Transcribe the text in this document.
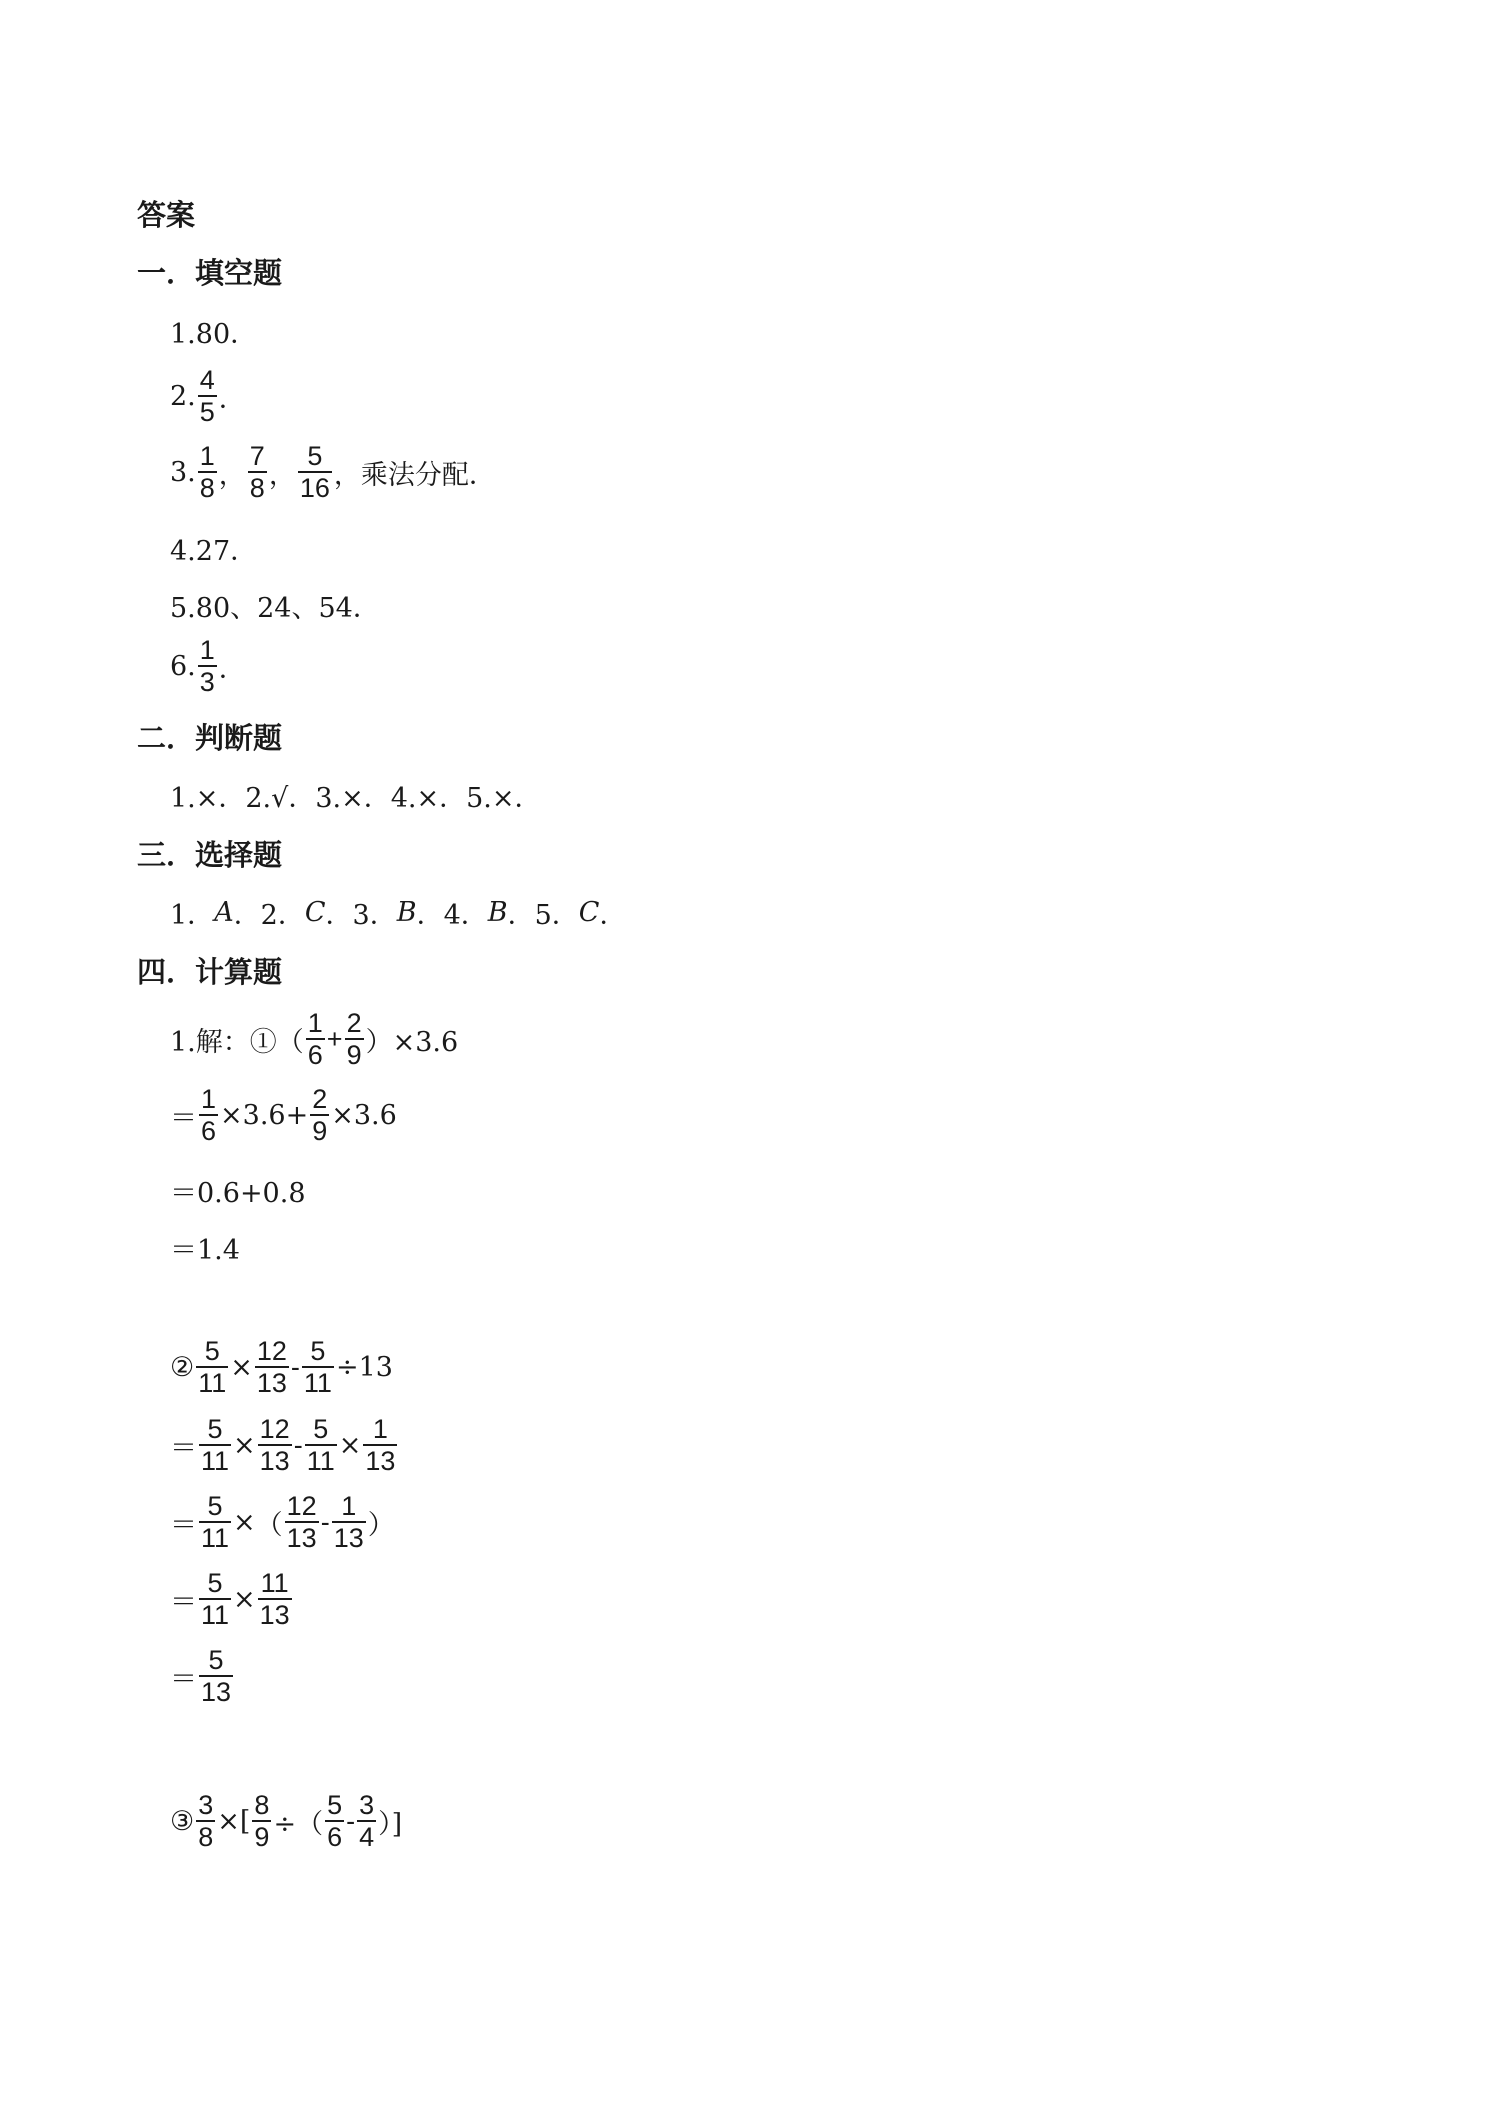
答案
一．填空题
1.80．
2. $\frac{4}{5}$ ．
3. $\frac{1}{8}$ ， $\frac{7}{8}$ ， $\frac{5}{16}$ ，乘法分配．
4.27．
5.80、24、54．
6. $\frac{1}{3}$ ．
二．判断题
1.×．2.√．3.×．4.×．5.×．
三．选择题
1． A ．2． C ．3． B ．4． B ．5． C ．
四．计算题
1.解：①（ $\frac{1}{6} + \frac{2}{9} )\times 3.6$
＝ $\frac{1}{6} \times 3.6+ \frac{2}{9} \times 3.6$
＝0.6+0.8
＝1.4
② $\frac{5}{11} \times \frac{12}{13} - \frac{5}{11} \div 13$
＝ $\frac{5}{11} \times \frac{12}{13} - \frac{5}{11} \times \frac{1}{13}$
＝ $\frac{5}{11}$ × （ $\frac{12}{13} - \frac{1}{13}$ ）
＝ $\frac{5}{11} \times \frac{11}{13}$
＝ $\frac{5}{13}$
③ $\frac{3}{8}$ ×[ $\frac{8}{9}$ ÷（ $\frac{5}{6} - \frac{3}{4}$ ）]
